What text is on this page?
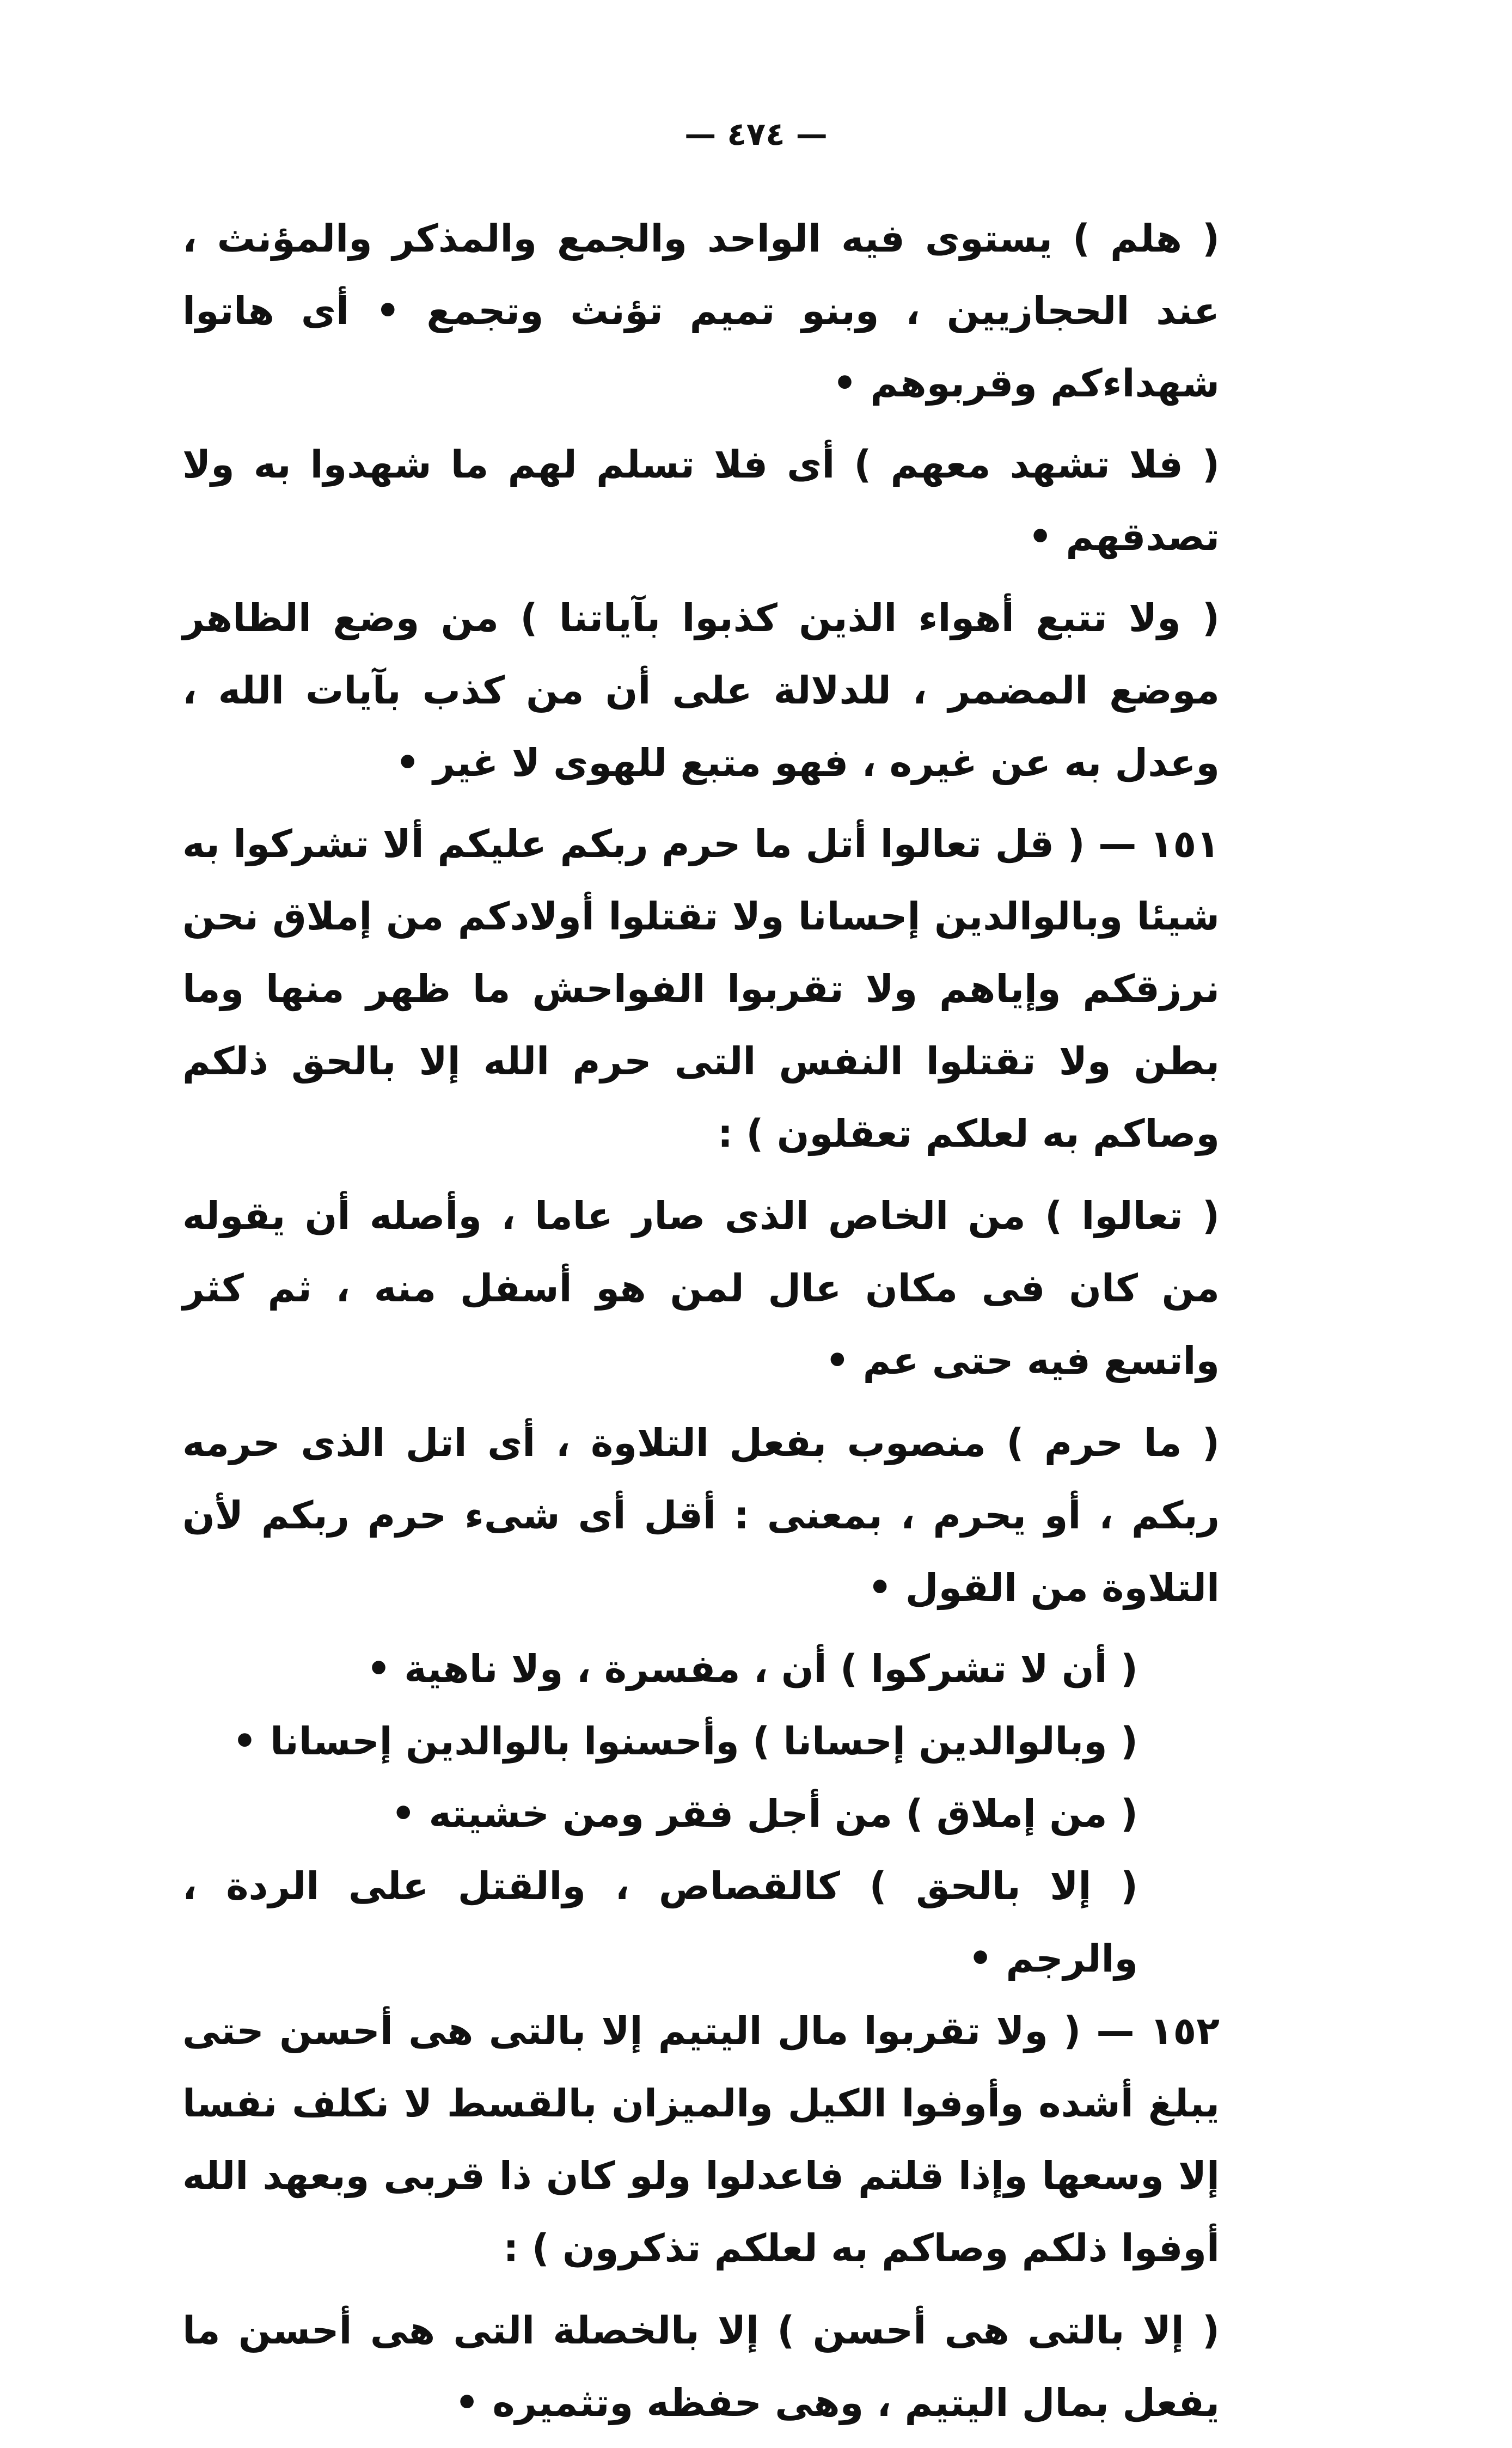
— ٤٧٤ —

( هلم ) يستوى فيه الواحد والجمع والمذكر والمؤنث ، عند الحجازيين ، وبنو تميم تؤنث وتجمع • أى هاتوا شهداءكم وقربوهم •

( فلا تشهد معهم ) أى فلا تسلم لهم ما شهدوا به ولا تصدقهم •

( ولا تتبع أهواء الذين كذبوا بآياتنا ) من وضع الظاهر موضع المضمر ، للدلالة على أن من كذب بآيات الله ، وعدل به عن غيره ، فهو متبع للهوى لا غير •

١٥١ — ( قل تعالوا أتل ما حرم ربكم عليكم ألا تشركوا به شيئا وبالوالدين إحسانا ولا تقتلوا أولادكم من إملاق نحن نرزقكم وإياهم ولا تقربوا الفواحش ما ظهر منها وما بطن ولا تقتلوا النفس التى حرم الله إلا بالحق ذلكم وصاكم به لعلكم تعقلون ) :

( تعالوا ) من الخاص الذى صار عاما ، وأصله أن يقوله من كان فى مكان عال لمن هو أسفل منه ، ثم كثر واتسع فيه حتى عم •

( ما حرم ) منصوب بفعل التلاوة ، أى اتل الذى حرمه ربكم ، أو يحرم ، بمعنى : أقل أى شىء حرم ربكم لأن التلاوة من القول •

( أن لا تشركوا ) أن ، مفسرة ، ولا ناهية •

( وبالوالدين إحسانا ) وأحسنوا بالوالدين إحسانا •

( من إملاق ) من أجل فقر ومن خشيته •

( إلا بالحق ) كالقصاص ، والقتل على الردة ، والرجم •

١٥٢ — ( ولا تقربوا مال اليتيم إلا بالتى هى أحسن حتى يبلغ أشده وأوفوا الكيل والميزان بالقسط لا نكلف نفسا إلا وسعها وإذا قلتم فاعدلوا ولو كان ذا قربى وبعهد الله أوفوا ذلكم وصاكم به لعلكم تذكرون ) :

( إلا بالتى هى أحسن ) إلا بالخصلة التى هى أحسن ما يفعل بمال اليتيم ، وهى حفظه وتثميره •
